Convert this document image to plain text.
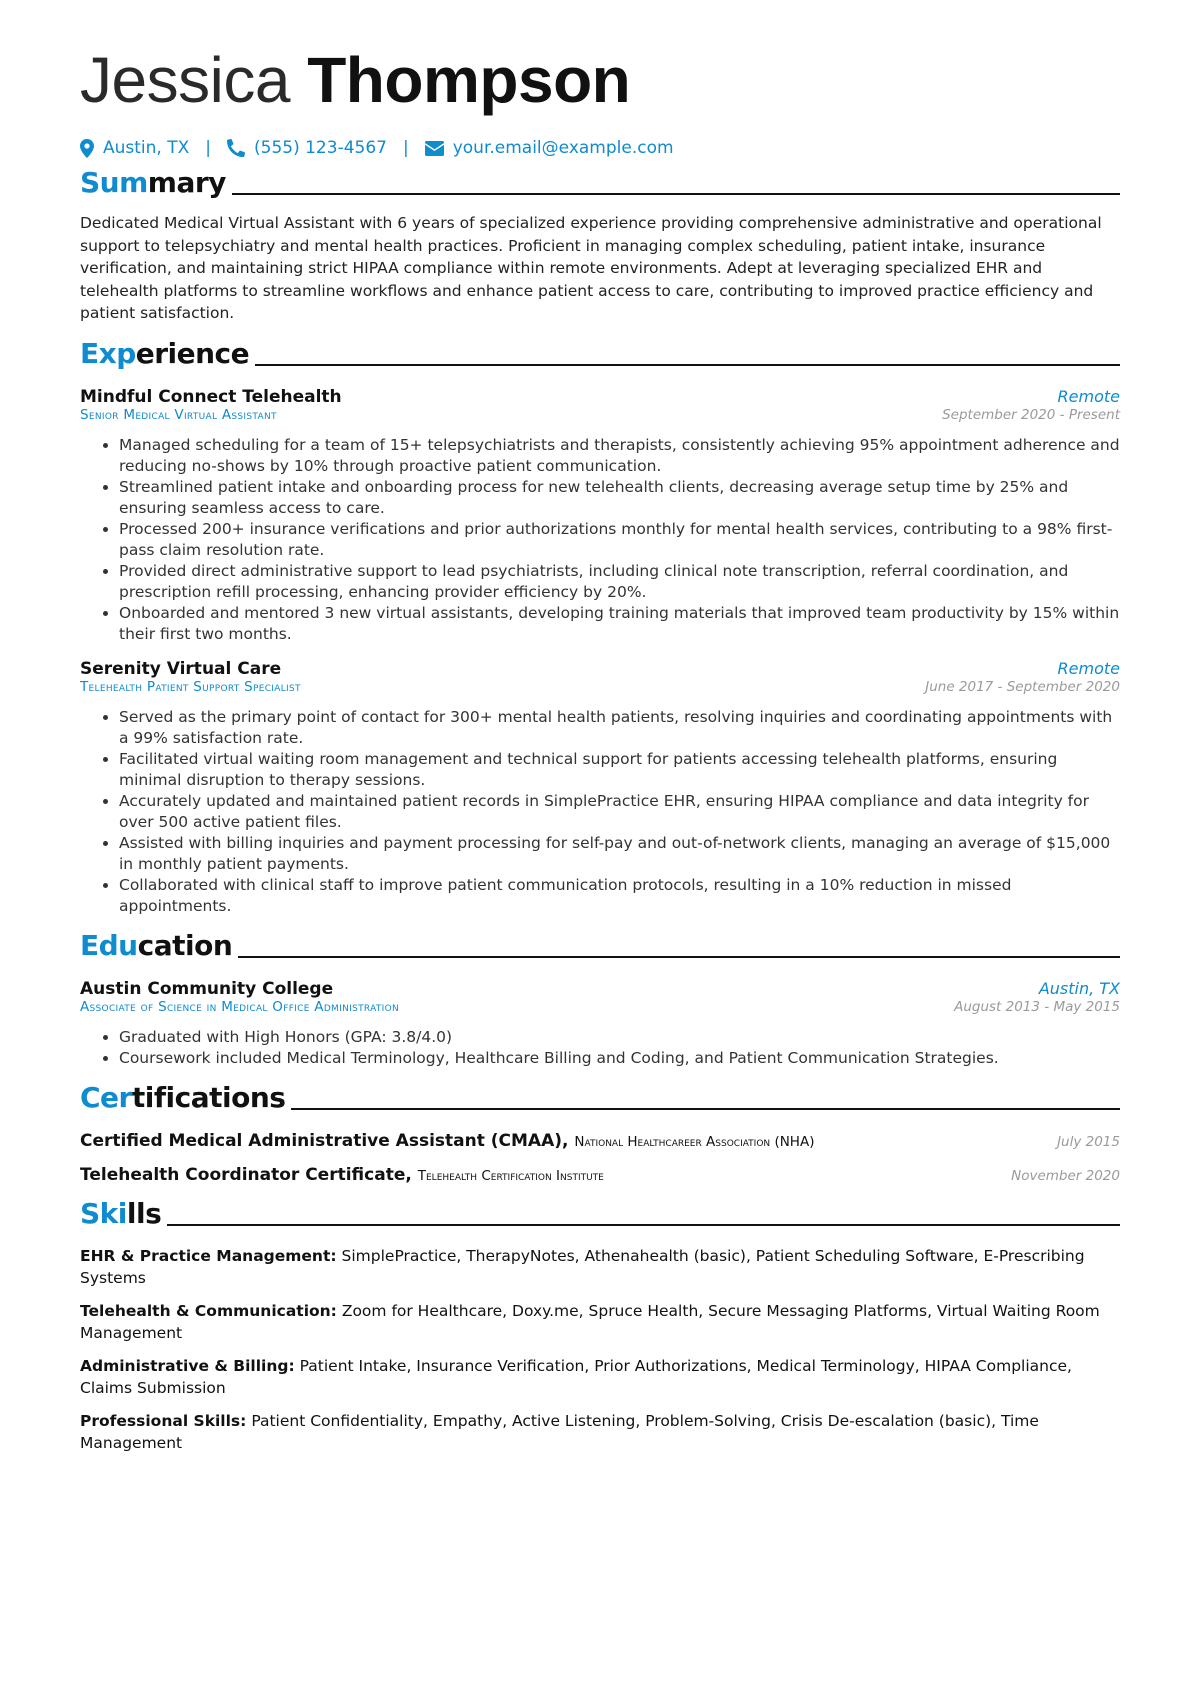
Jessica Thompson
Austin, TX |	(555) 123-4567 |	your.email@example.com
Summary
Dedicated Medical Virtual Assistant with 6 years of specialized experience providing comprehensive administrative and operational support to telepsychiatry and mental health practices. Proficient in managing complex scheduling, patient intake, insurance verification, and maintaining strict HIPAA compliance within remote environments. Adept at leveraging specialized EHR and telehealth platforms to streamline workflows and enhance patient access to care, contributing to improved practice efficiency and patient satisfaction.
Experience
Mindful Connect Telehealth	Remote
Senior Medical Virtual Assistant	September 2020 - Present
• Managed scheduling for a team of 15+ telepsychiatrists and therapists, consistently achieving 95% appointment adherence and reducing no-shows by 10% through proactive patient communication.
• Streamlined patient intake and onboarding process for new telehealth clients, decreasing average setup time by 25% and ensuring seamless access to care.
• Processed 200+ insurance verifications and prior authorizations monthly for mental health services, contributing to a 98% first-pass claim resolution rate.
• Provided direct administrative support to lead psychiatrists, including clinical note transcription, referral coordination, and prescription refill processing, enhancing provider efficiency by 20%.
• Onboarded and mentored 3 new virtual assistants, developing training materials that improved team productivity by 15% within their first two months.
Serenity Virtual Care	Remote
Telehealth Patient Support Specialist	June 2017 - September 2020
• Served as the primary point of contact for 300+ mental health patients, resolving inquiries and coordinating appointments with a 99% satisfaction rate.
• Facilitated virtual waiting room management and technical support for patients accessing telehealth platforms, ensuring minimal disruption to therapy sessions.
• Accurately updated and maintained patient records in SimplePractice EHR, ensuring HIPAA compliance and data integrity for over 500 active patient files.
• Assisted with billing inquiries and payment processing for self-pay and out-of-network clients, managing an average of $15,000 in monthly patient payments.
• Collaborated with clinical staff to improve patient communication protocols, resulting in a 10% reduction in missed appointments.
Education
Austin Community College	Austin, TX
Associate of Science in Medical Office Administration	August 2013 - May 2015
• Graduated with High Honors (GPA: 3.8/4.0)
• Coursework included Medical Terminology, Healthcare Billing and Coding, and Patient Communication Strategies.
Certifications
Certified Medical Administrative Assistant (CMAA), National Healthcareer Association (NHA)	July 2015
Telehealth Coordinator Certificate, Telehealth Certification Institute	November 2020
Skills
EHR & Practice Management: SimplePractice, TherapyNotes, Athenahealth (basic), Patient Scheduling Software, E-Prescribing Systems
Telehealth & Communication: Zoom for Healthcare, Doxy.me, Spruce Health, Secure Messaging Platforms, Virtual Waiting Room Management
Administrative & Billing: Patient Intake, Insurance Verification, Prior Authorizations, Medical Terminology, HIPAA Compliance, Claims Submission
Professional Skills: Patient Confidentiality, Empathy, Active Listening, Problem-Solving, Crisis De-escalation (basic), Time Management
